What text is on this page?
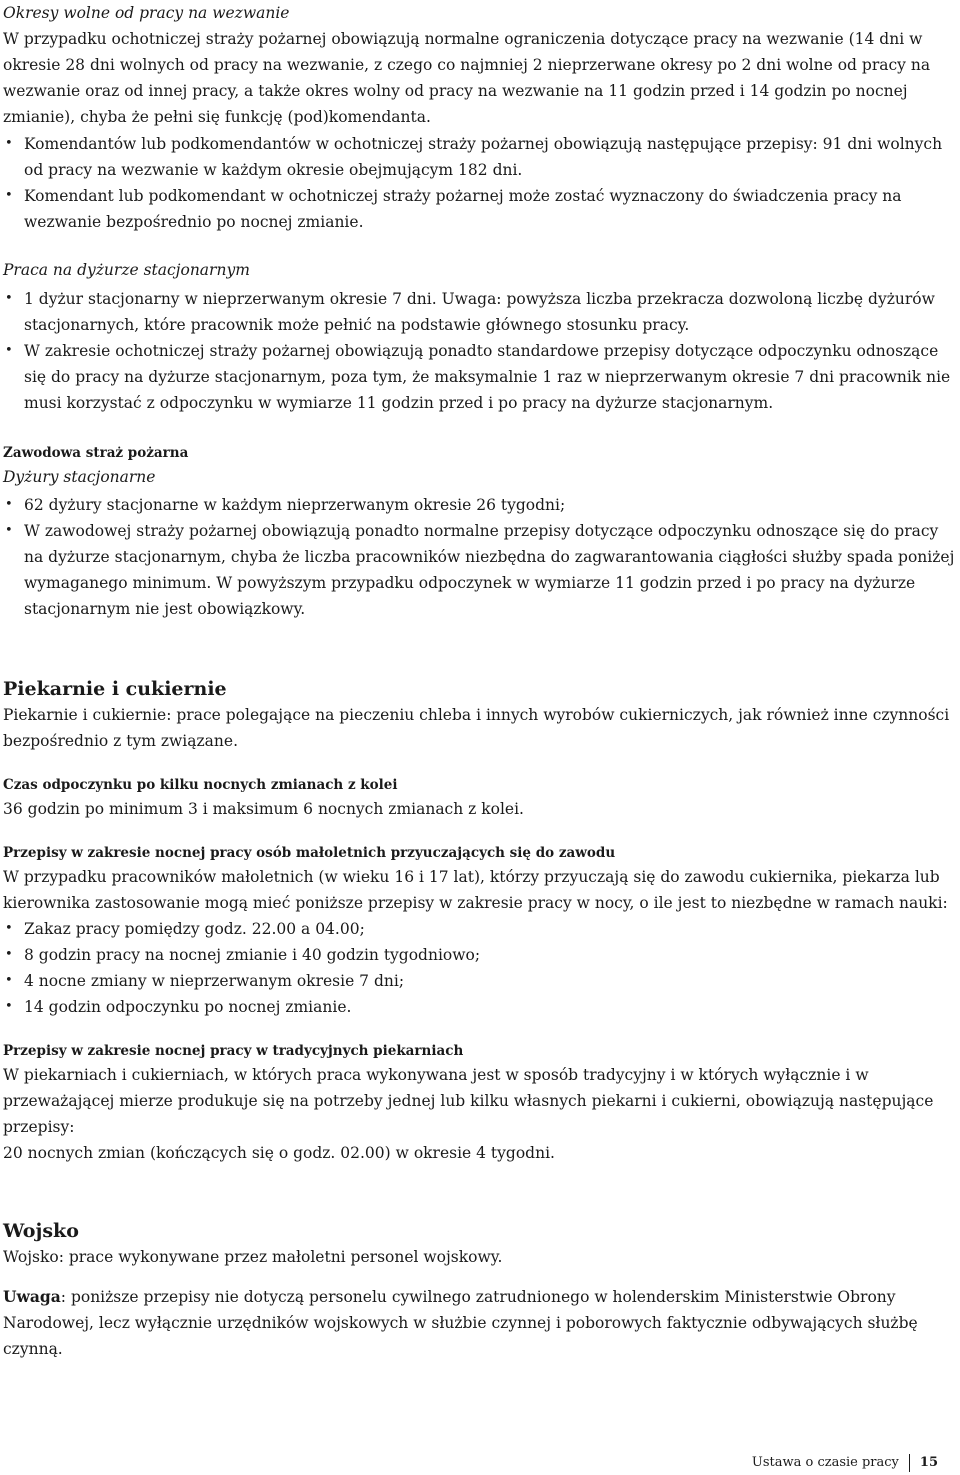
Okresy wolne od pracy na wezwanie

W przypadku ochotniczej straży pożarnej obowiązują normalne ograniczenia dotyczące pracy na wezwanie (14 dni w okresie 28 dni wolnych od pracy na wezwanie, z czego co najmniej 2 nieprzerwane okresy po 2 dni wolne od pracy na wezwanie oraz od innej pracy, a także okres wolny od pracy na wezwanie na 11 godzin przed i 14 godzin po nocnej zmianie), chyba że pełni się funkcję (pod)komendanta.

• Komendantów lub podkomendantów w ochotniczej straży pożarnej obowiązują następujące przepisy: 91 dni wolnych od pracy na wezwanie w każdym okresie obejmującym 182 dni.
• Komendant lub podkomendant w ochotniczej straży pożarnej może zostać wyznaczony do świadczenia pracy na wezwanie bezpośrednio po nocnej zmianie.

Praca na dyżurze stacjonarnym

• 1 dyżur stacjonarny w nieprzerwanym okresie 7 dni. Uwaga: powyższa liczba przekracza dozwoloną liczbę dyżurów stacjonarnych, które pracownik może pełnić na podstawie głównego stosunku pracy.
• W zakresie ochotniczej straży pożarnej obowiązują ponadto standardowe przepisy dotyczące odpoczynku odnoszące się do pracy na dyżurze stacjonarnym, poza tym, że maksymalnie 1 raz w nieprzerwanym okresie 7 dni pracownik nie musi korzystać z odpoczynku w wymiarze 11 godzin przed i po pracy na dyżurze stacjonarnym.

Zawodowa straż pożarna

Dyżury stacjonarne

• 62 dyżury stacjonarne w każdym nieprzerwanym okresie 26 tygodni;
• W zawodowej straży pożarnej obowiązują ponadto normalne przepisy dotyczące odpoczynku odnoszące się do pracy na dyżurze stacjonarnym, chyba że liczba pracowników niezbędna do zagwarantowania ciągłości służby spada poniżej wymaganego minimum. W powyższym przypadku odpoczynek w wymiarze 11 godzin przed i po pracy na dyżurze stacjonarnym nie jest obowiązkowy.

Piekarnie i cukiernie

Piekarnie i cukiernie: prace polegające na pieczeniu chleba i innych wyrobów cukierniczych, jak również inne czynności bezpośrednio z tym związane.

Czas odpoczynku po kilku nocnych zmianach z kolei

36 godzin po minimum 3 i maksimum 6 nocnych zmianach z kolei.

Przepisy w zakresie nocnej pracy osób małoletnich przyuczających się do zawodu

W przypadku pracowników małoletnich (w wieku 16 i 17 lat), którzy przyuczają się do zawodu cukiernika, piekarza lub kierownika zastosowanie mogą mieć poniższe przepisy w zakresie pracy w nocy, o ile jest to niezbędne w ramach nauki:

• Zakaz pracy pomiędzy godz. 22.00 a 04.00;
• 8 godzin pracy na nocnej zmianie i 40 godzin tygodniowo;
• 4 nocne zmiany w nieprzerwanym okresie 7 dni;
• 14 godzin odpoczynku po nocnej zmianie.

Przepisy w zakresie nocnej pracy w tradycyjnych piekarniach

W piekarniach i cukierniach, w których praca wykonywana jest w sposób tradycyjny i w których wyłącznie i w przeważającej mierze produkuje się na potrzeby jednej lub kilku własnych piekarni i cukierni, obowiązują następujące przepisy:

20 nocnych zmian (kończących się o godz. 02.00) w okresie 4 tygodni.

Wojsko

Wojsko: prace wykonywane przez małoletni personel wojskowy.

Uwaga: poniższe przepisy nie dotyczą personelu cywilnego zatrudnionego w holenderskim Ministerstwie Obrony Narodowej, lecz wyłącznie urzędników wojskowych w służbie czynnej i poborowych faktycznie odbywających służbę czynną.

Ustawa o czasie pracy 15
